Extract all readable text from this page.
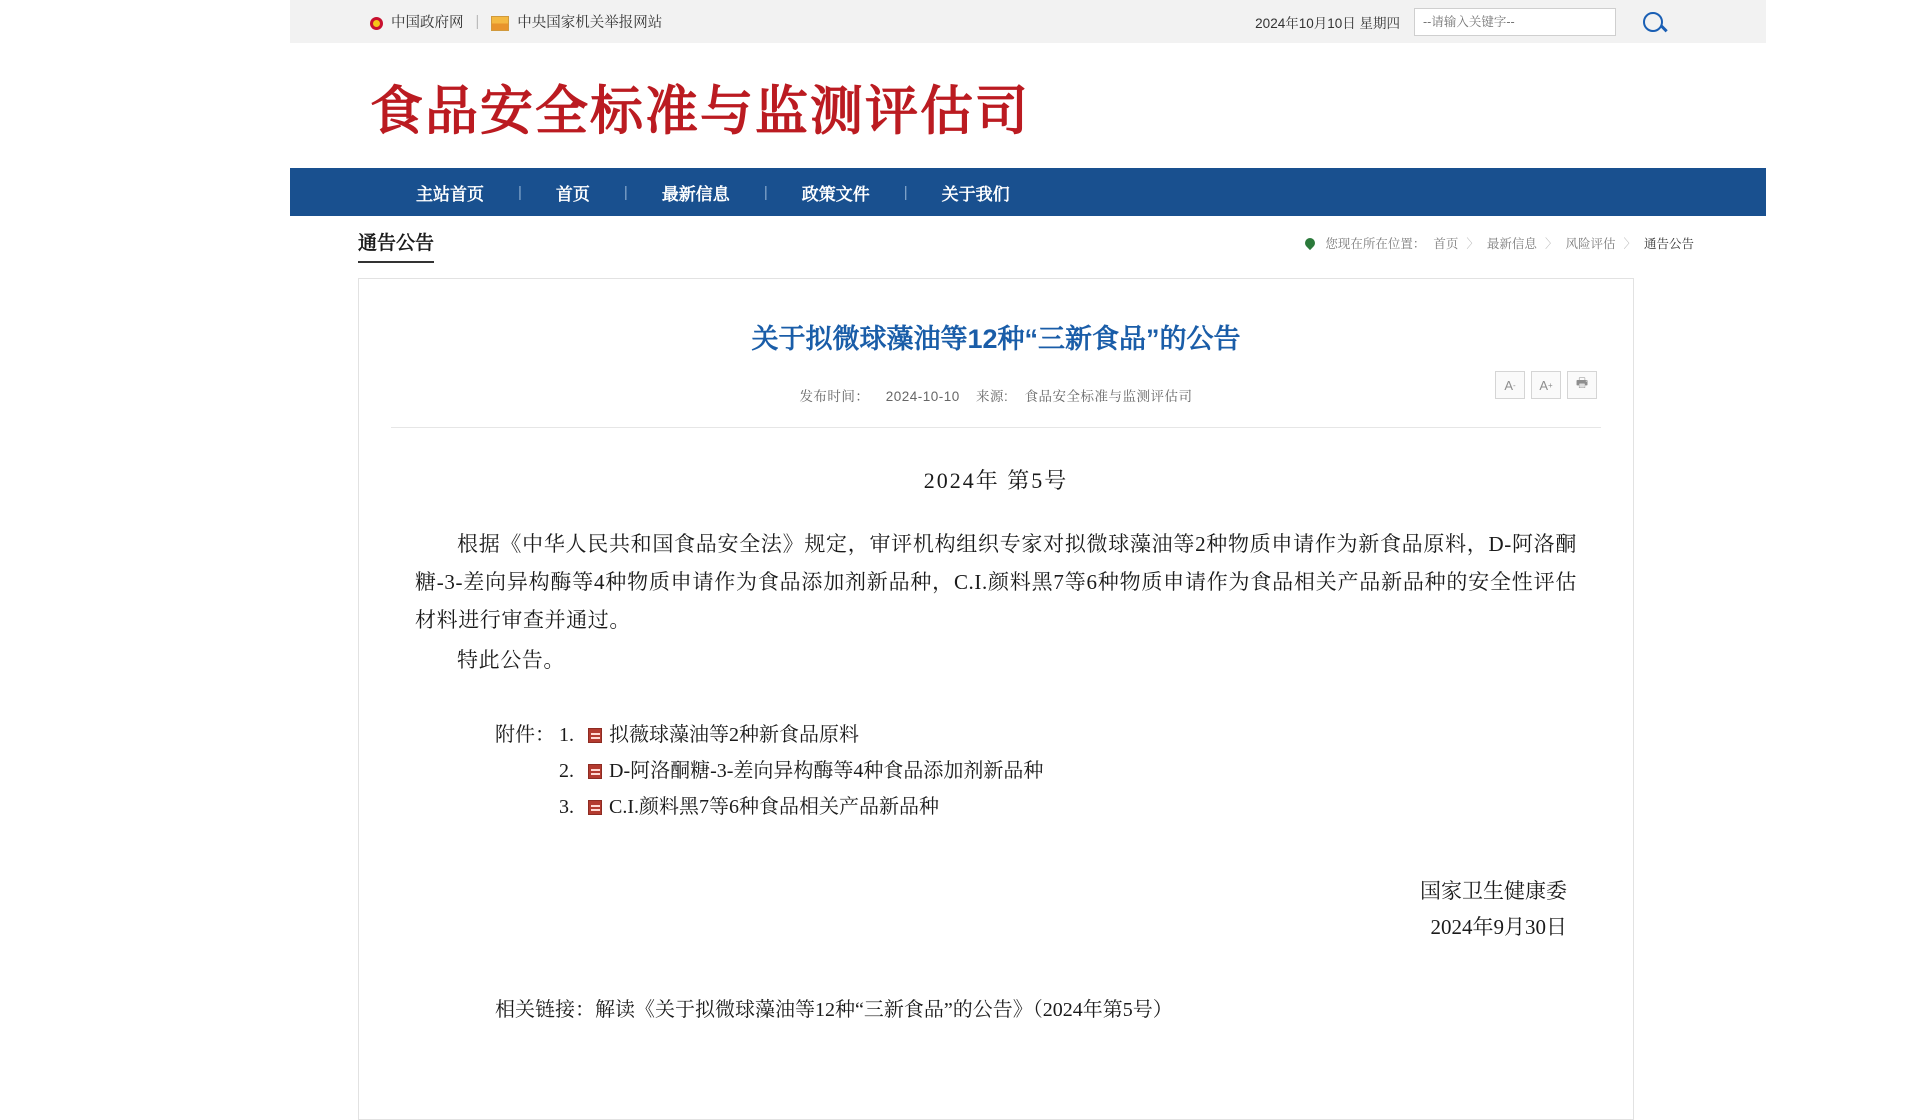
中国政府网 |	中央国家机关举报网站	2024年10月10日 星期四
--请输入关键字--
食品安全标准与监测评估司
主站首页	|	首页	|	最新信息	|	政策文件	|	关于我们
通告公告	您现在所在位置： 首页 〉 最新信息 〉 风险评估 〉 通告公告
关于拟微球藻油等12种“三新食品”的公告
发布时间： 2024-10-10 来源: 食品安全标准与监测评估司
A - A + 🖶
2024年 第5号
根据《中华人民共和国食品安全法》规定，审评机构组织专家对拟微球藻油等2种物质申请作为新食品原料，D-阿洛酮糖-3-差向异构酶等4种物质申请作为食品添加剂新品种，C.I.颜料黑7等6种物质申请作为食品相关产品新品种的安全性评估材料进行审查并通过。
特此公告。
附件： 1. 拟薇球藻油等2种新食品原料
2. D-阿洛酮糖-3-差向异构酶等4种食品添加剂新品种
3. C.I.颜料黑7等6种食品相关产品新品种
国家卫生健康委
2024年9月30日
相关链接：解读《关于拟微球藻油等12种“三新食品”的公告》（2024年第5号）
